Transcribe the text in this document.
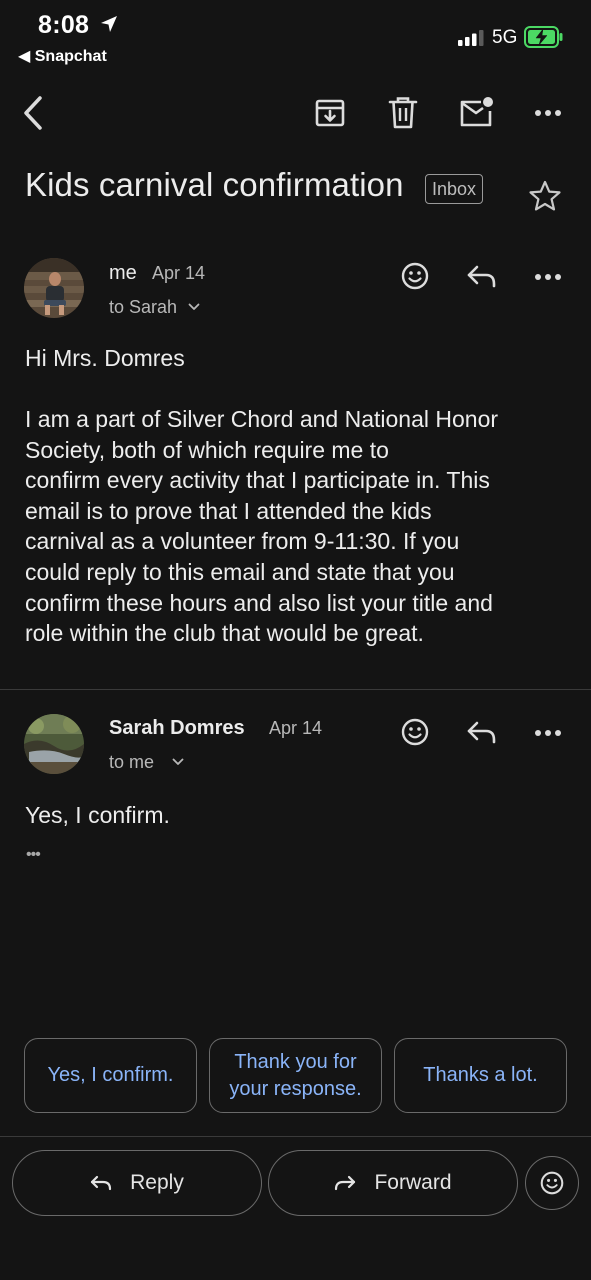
8:08
◀ Snapchat
5G
Kids carnival confirmation	Inbox
me Apr 14
to Sarah
Hi Mrs. Domres
I am a part of Silver Chord and National Honor
Society, both of which require me to
confirm every activity that I participate in. This
email is to prove that I attended the kids
carnival as a volunteer from 9-11:30. If you
could reply to this email and state that you
confirm these hours and also list your title and
role within the club that would be great.
Sarah Domres Apr 14
to me
Yes, I confirm.
•••
Yes, I confirm.
Thank you for
your response.
Thanks a lot.
Reply	Forward
